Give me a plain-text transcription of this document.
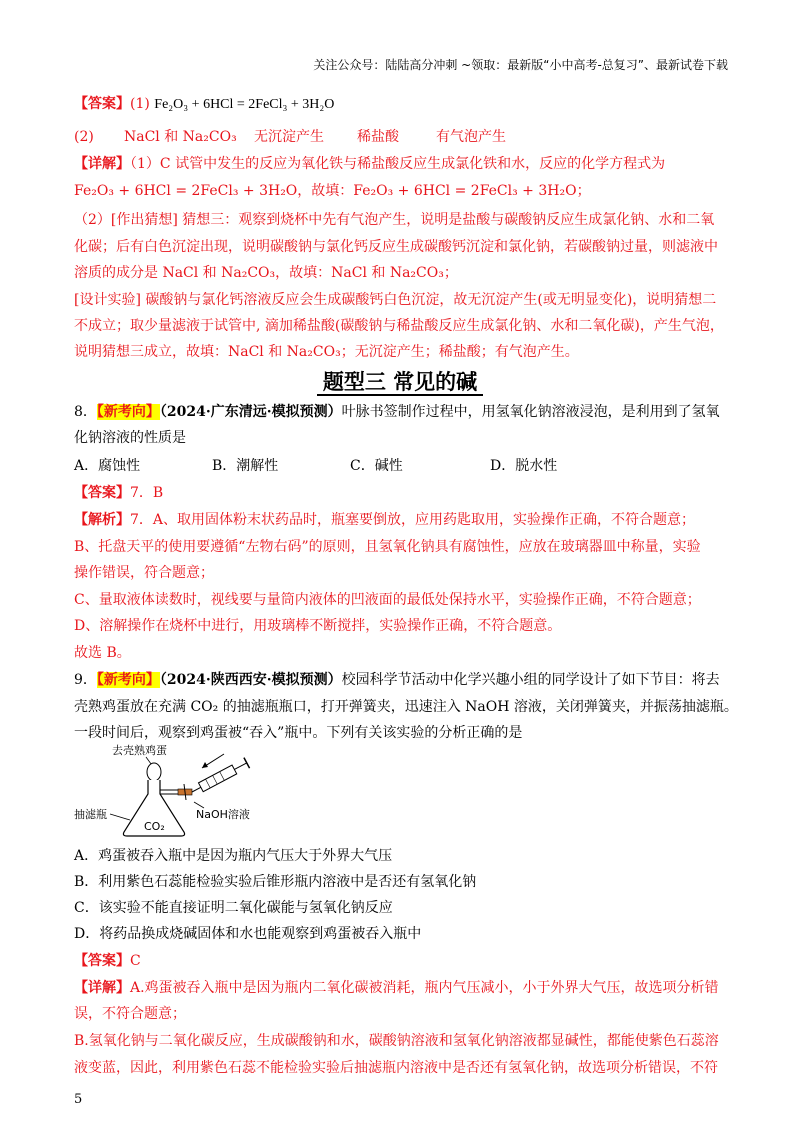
关注公众号：陆陆高分冲刺 ~领取：最新版“小中高考-总复习”、最新试卷下载
【答案】(1) Fe₂O₃ + 6HCl = 2FeCl₃ + 3H₂O
(2) NaCl 和 Na₂CO₃ 无沉淀产生 稀盐酸	有气泡产生
【详解】（1）C 试管中发生的反应为氧化铁与稀盐酸反应生成氯化铁和水，反应的化学方程式为
Fe₂O₃ + 6HCl = 2FeCl₃ + 3H₂O，故填：Fe₂O₃ + 6HCl = 2FeCl₃ + 3H₂O；
（2）[作出猜想] 猜想三：观察到烧杯中先有气泡产生，说明是盐酸与碳酸钠反应生成氯化钠、水和二氧
化碳；后有白色沉淀出现，说明碳酸钠与氯化钙反应生成碳酸钙沉淀和氯化钠，若碳酸钠过量，则滤液中
溶质的成分是 NaCl 和 Na₂CO₃，故填：NaCl 和 Na₂CO₃；
[设计实验] 碳酸钠与氯化钙溶液反应会生成碳酸钙白色沉淀，故无沉淀产生(或无明显变化)，说明猜想二
不成立；取少量滤液于试管中, 滴加稀盐酸(碳酸钠与稀盐酸反应生成氯化钠、水和二氧化碳)，产生气泡，
说明猜想三成立，故填：NaCl 和 Na₂CO₃；无沉淀产生；稀盐酸；有气泡产生。
题型三 常见的碱
8．【新考向】（2024·广东清远·模拟预测）叶脉书签制作过程中，用氢氧化钠溶液浸泡，是利用到了氢氧
化钠溶液的性质是
A．腐蚀性	B．潮解性	C．碱性	D．脱水性
【答案】7．B
【解析】7．A、取用固体粉末状药品时，瓶塞要倒放，应用药匙取用，实验操作正确，不符合题意；
B、托盘天平的使用要遵循“左物右码”的原则，且氢氧化钠具有腐蚀性，应放在玻璃器皿中称量，实验
操作错误，符合题意；
C、量取液体读数时，视线要与量筒内液体的凹液面的最低处保持水平，实验操作正确，不符合题意；
D、溶解操作在烧杯中进行，用玻璃棒不断搅拌，实验操作正确，不符合题意。
故选 B。
9．【新考向】（2024·陕西西安·模拟预测）校园科学节活动中化学兴趣小组的同学设计了如下节目：将去
壳熟鸡蛋放在充满 CO₂ 的抽滤瓶瓶口，打开弹簧夹，迅速注入 NaOH 溶液，关闭弹簧夹，并振荡抽滤瓶。
一段时间后，观察到鸡蛋被“吞入”瓶中。下列有关该实验的分析正确的是
去壳熟鸡蛋
NaOH溶液
抽滤瓶
CO₂
A．鸡蛋被吞入瓶中是因为瓶内气压大于外界大气压
B．利用紫色石蕊能检验实验后锥形瓶内溶液中是否还有氢氧化钠
C．该实验不能直接证明二氧化碳能与氢氧化钠反应
D．将药品换成烧碱固体和水也能观察到鸡蛋被吞入瓶中
【答案】C
【详解】A.鸡蛋被吞入瓶中是因为瓶内二氧化碳被消耗，瓶内气压减小，小于外界大气压，故选项分析错
误，不符合题意；
B.氢氧化钠与二氧化碳反应，生成碳酸钠和水，碳酸钠溶液和氢氧化钠溶液都显碱性，都能使紫色石蕊溶
液变蓝，因此，利用紫色石蕊不能检验实验后抽滤瓶内溶液中是否还有氢氧化钠，故选项分析错误，不符
5
